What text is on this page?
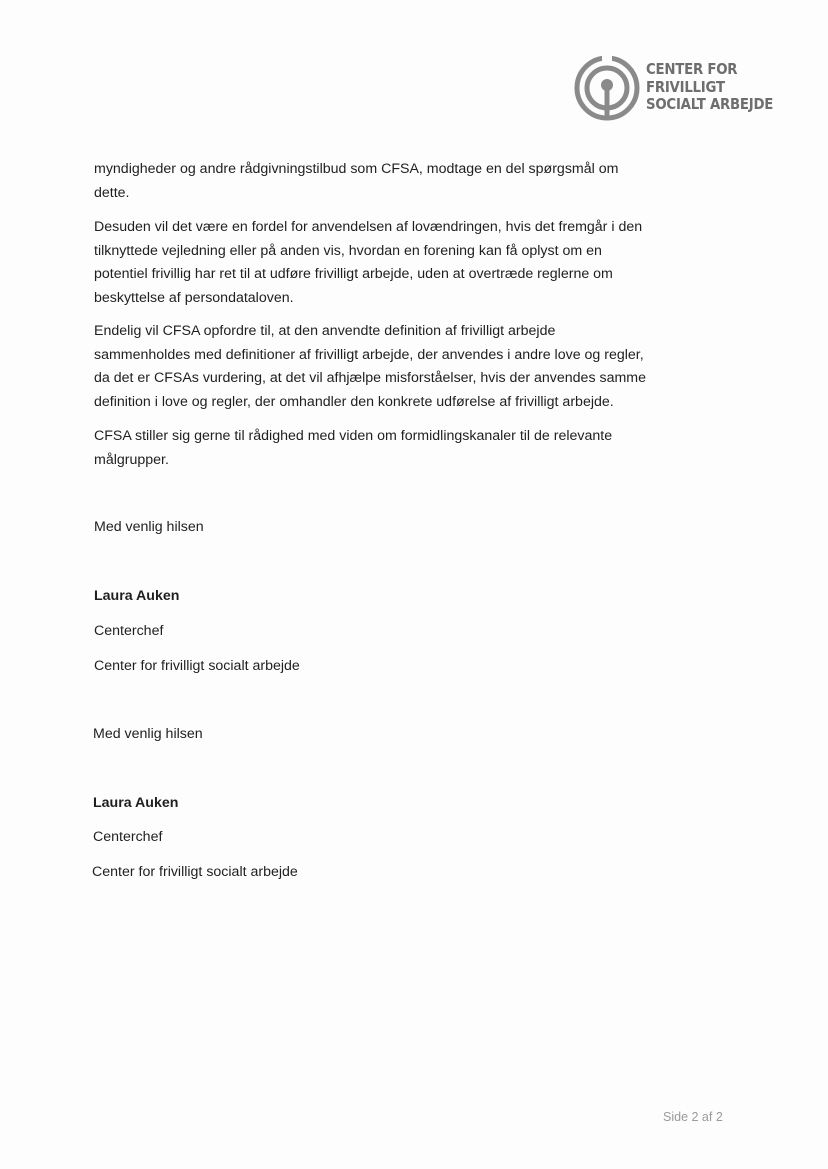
CENTER FOR
FRIVILLIGT
SOCIALT ARBEJDE
myndigheder og andre rådgivningstilbud som CFSA, modtage en del spørgsmål om
dette.
Desuden vil det være en fordel for anvendelsen af lovændringen, hvis det fremgår i den
tilknyttede vejledning eller på anden vis, hvordan en forening kan få oplyst om en
potentiel frivillig har ret til at udføre frivilligt arbejde, uden at overtræde reglerne om
beskyttelse af persondataloven.
Endelig vil CFSA opfordre til, at den anvendte definition af frivilligt arbejde
sammenholdes med definitioner af frivilligt arbejde, der anvendes i andre love og regler,
da det er CFSAs vurdering, at det vil afhjælpe misforståelser, hvis der anvendes samme
definition i love og regler, der omhandler den konkrete udførelse af frivilligt arbejde.
CFSA stiller sig gerne til rådighed med viden om formidlingskanaler til de relevante
målgrupper.
Med venlig hilsen
Laura Auken
Centerchef
Center for frivilligt socialt arbejde
Med venlig hilsen
Laura Auken
Centerchef
Center for frivilligt socialt arbejde
Side 2 af 2
